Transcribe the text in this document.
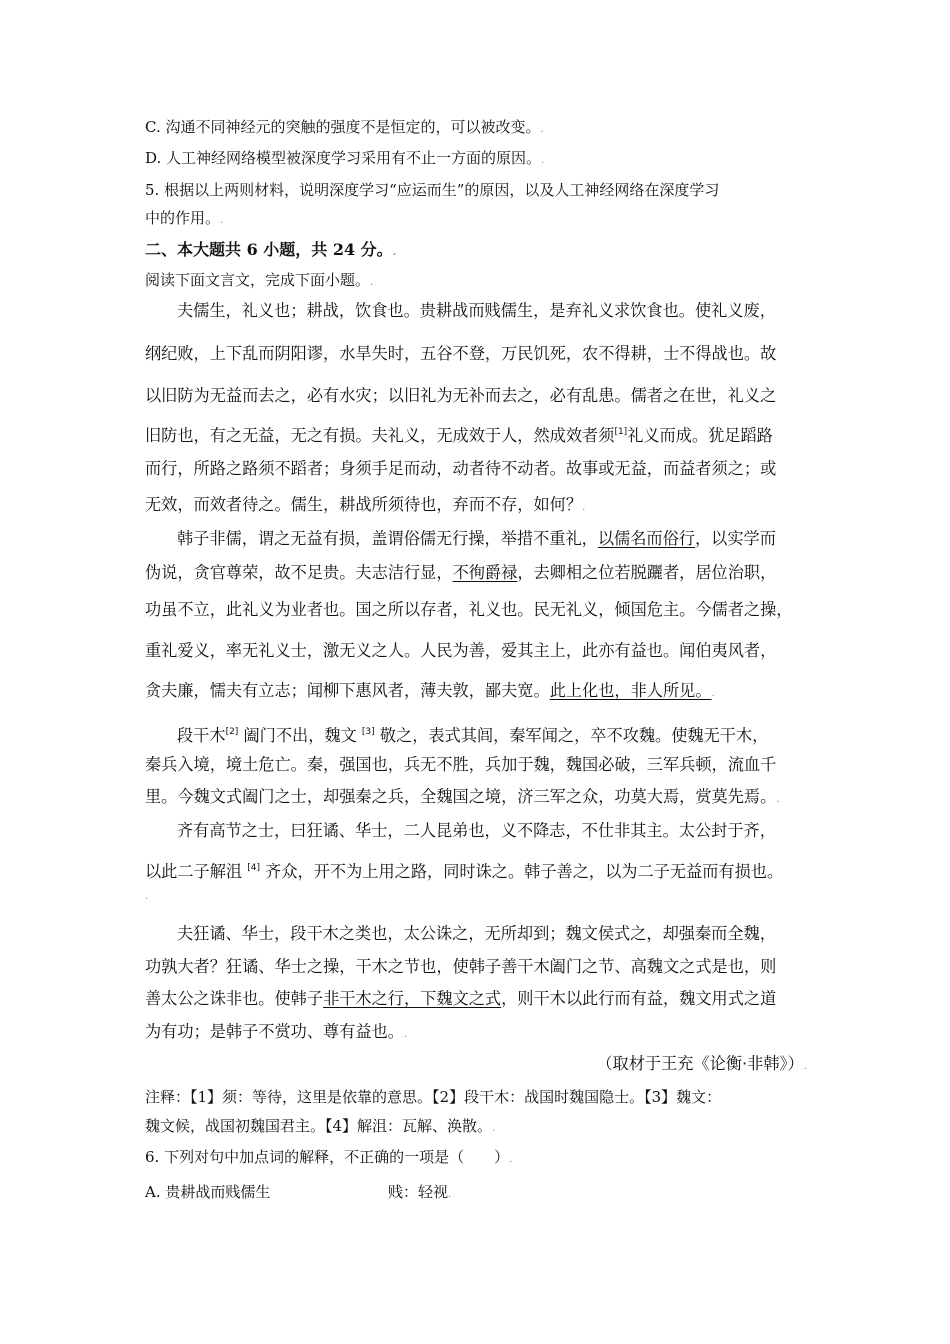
C. 沟通不同神经元的突触的强度不是恒定的，可以被改变。.
D. 人工神经网络模型被深度学习采用有不止一方面的原因。.
5. 根据以上两则材料，说明深度学习“应运而生”的原因，以及人工神经网络在深度学习
中的作用。.
二、本大题共 6 小题，共 24 分。.
阅读下面文言文，完成下面小题。.
夫儒生，礼义也；耕战，饮食也。贵耕战而贱儒生，是弃礼义求饮食也。使礼义废，
纲纪败，上下乱而阴阳谬，水旱失时，五谷不登，万民饥死，农不得耕，士不得战也。故
以旧防为无益而去之，必有水灾；以旧礼为无补而去之，必有乱患。儒者之在世，礼义之
旧防也，有之无益，无之有损。夫礼义，无成效于人，然成效者须[1]礼义而成。犹足蹈路
而行，所路之路须不蹈者；身须手足而动，动者待不动者。故事或无益，而益者须之；或
无效，而效者待之。儒生，耕战所须待也，弃而不存，如何？.
韩子非儒，谓之无益有损，盖谓俗儒无行操，举措不重礼，以儒名而俗行，以实学而
伪说，贪官尊荣，故不足贵。夫志洁行显，不徇爵禄，去卿相之位若脱躧者，居位治职，
功虽不立，此礼义为业者也。国之所以存者，礼义也。民无礼义，倾国危主。今儒者之操，
重礼爱义，率无礼义士，激无义之人。人民为善，爱其主上，此亦有益也。闻伯夷风者，
贪夫廉，懦夫有立志；闻柳下惠风者，薄夫敦，鄙夫宽。此上化也，非人所见。.
段干木[2] 阖门不出，魏文 [3] 敬之，表式其闾，秦军闻之，卒不攻魏。使魏无干木，
秦兵入境，境土危亡。秦，强国也，兵无不胜，兵加于魏，魏国必破，三军兵顿，流血千
里。今魏文式阖门之士，却强秦之兵，全魏国之境，济三军之众，功莫大焉，赏莫先焉。.
齐有高节之士，曰狂谲、华士，二人昆弟也，义不降志，不仕非其主。太公封于齐，
以此二子解沮 [4] 齐众，开不为上用之路，同时诛之。韩子善之，以为二子无益而有损也。
.
夫狂谲、华士，段干木之类也，太公诛之，无所却到；魏文侯式之，却强秦而全魏，
功孰大者？狂谲、华士之操，干木之节也，使韩子善干木阖门之节、高魏文之式是也，则
善太公之诛非也。使韩子非干木之行，下魏文之式，则干木以此行而有益，魏文用式之道
为有功；是韩子不赏功、尊有益也。.
（取材于王充《论衡·非韩》）.
注释：【1】须：等待，这里是依靠的意思。【2】段干木：战国时魏国隐士。【3】魏文：
魏文候，战国初魏国君主。【4】解沮：瓦解、涣散。.
6. 下列对句中加点词的解释，不正确的一项是（　　）.
A. 贵耕战而贱儒生	贱：轻视.
